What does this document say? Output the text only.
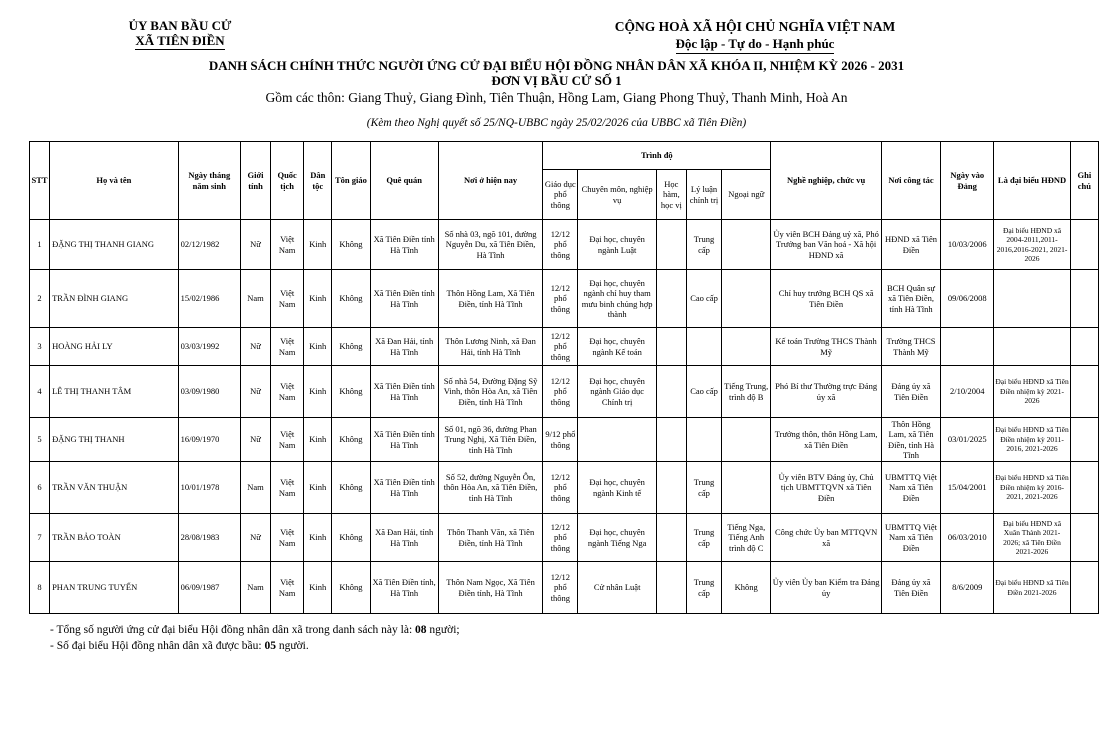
ỦY BAN BẦU CỬ
XÃ TIÊN ĐIỀN
CỘNG HOÀ XÃ HỘI CHỦ NGHĨA VIỆT NAM
Độc lập - Tự do - Hạnh phúc
DANH SÁCH CHÍNH THỨC NGƯỜI ỨNG CỬ ĐẠI BIỂU HỘI ĐỒNG NHÂN DÂN XÃ KHÓA II, NHIỆM KỲ 2026 - 2031
ĐƠN VỊ BẦU CỬ SỐ 1
Gồm các thôn: Giang Thuỷ, Giang Đình, Tiên Thuận, Hồng Lam, Giang Phong Thuỷ, Thanh Minh, Hoà An
(Kèm theo Nghị quyết số 25/NQ-UBBC ngày 25/02/2026 của UBBC xã Tiên Điền)
STT	Họ và tên	Ngày tháng năm sinh	Giới tính	Quốc tịch	Dân tộc	Tôn giáo	Quê quán	Nơi ở hiện nay	Trình độ					Nghề nghiệp, chức vụ	Nơi công tác	Ngày vào Đảng	Là đại biểu HĐND	Ghi chú
									Giáo dục phổ thông	Chuyên môn, nghiệp vụ	Học hàm, học vị	Lý luận chính trị	Ngoại ngữ					
1	ĐẶNG THỊ THANH GIANG	02/12/1982	Nữ	Việt Nam	Kinh	Không	Xã Tiên Điền tỉnh Hà Tĩnh	Số nhà 03, ngõ 101, đường Nguyễn Du, xã Tiên Điền, Hà Tĩnh	12/12 phổ thông	Đại học, chuyên ngành Luật		Trung cấp		Ủy viên BCH Đảng uỷ xã, Phó Trưởng ban Văn hoá - Xã hội HĐND xã	HĐND xã Tiên Điền	10/03/2006	Đại biểu HĐND xã 2004-2011,2011-2016,2016-2021, 2021-2026	
2	TRẦN ĐÌNH GIANG	15/02/1986	Nam	Việt Nam	Kinh	Không	Xã Tiên Điền tỉnh Hà Tĩnh	Thôn Hồng Lam, Xã Tiên Điền, tỉnh Hà Tĩnh	12/12 phổ thông	Đại học, chuyên ngành chỉ huy tham mưu binh chủng hợp thành		Cao cấp		Chỉ huy trưởng BCH QS xã Tiên Điền	BCH Quân sự xã Tiên Điền, tỉnh Hà Tĩnh	09/06/2008		
3	HOÀNG HẢI LY	03/03/1992	Nữ	Việt Nam	Kinh	Không	Xã Đan Hải, tỉnh Hà Tĩnh	Thôn Lương Ninh, xã Đan Hải, tỉnh Hà Tĩnh	12/12 phổ thông	Đại học, chuyên ngành Kế toán				Kế toán Trường THCS Thành Mỹ	Trường THCS Thành Mỹ			
4	LÊ THỊ THANH TÂM	03/09/1980	Nữ	Việt Nam	Kinh	Không	Xã Tiên Điền tỉnh Hà Tĩnh	Số nhà 54, Đường Đặng Sỹ Vinh, thôn Hòa An, xã Tiên Điền, tỉnh Hà Tĩnh	12/12 phổ thông	Đại học, chuyên ngành Giáo dục Chính trị		Cao cấp	Tiếng Trung, trình độ B	Phó Bí thư Thường trực Đảng ủy xã	Đảng ủy xã Tiên Điền	2/10/2004	Đại biểu HĐND xã Tiên Điền nhiệm kỳ 2021-2026	
5	ĐẶNG THỊ THANH	16/09/1970	Nữ	Việt Nam	Kinh	Không	Xã Tiên Điền tỉnh Hà Tĩnh	Số 01, ngõ 36, đường Phan Trung Nghị, Xã Tiên Điền, tỉnh Hà Tĩnh	9/12 phổ thông					Trưởng thôn, thôn Hồng Lam, xã Tiên Điền	Thôn Hồng Lam, xã Tiên Điền, tỉnh Hà Tĩnh	03/01/2025	Đại biểu HĐND xã Tiên Điền nhiệm kỳ 2011-2016, 2021-2026	
6	TRẦN VĂN THUẬN	10/01/1978	Nam	Việt Nam	Kinh	Không	Xã Tiên Điền tỉnh Hà Tĩnh	Số 52, đường Nguyễn Ôn, thôn Hòa An, xã Tiên Điền, tỉnh Hà Tĩnh	12/12 phổ thông	Đại học, chuyên ngành Kinh tế		Trung cấp		Ủy viên BTV Đảng ủy, Chủ tịch UBMTTQVN xã Tiên Điền	UBMTTQ Việt Nam xã Tiên Điền	15/04/2001	Đại biểu HĐND xã Tiên Điền nhiệm kỳ 2016-2021, 2021-2026	
7	TRẦN BẢO TOÀN	28/08/1983	Nữ	Việt Nam	Kinh	Không	Xã Đan Hải, tỉnh Hà Tĩnh	Thôn Thanh Văn, xã Tiên Điền, tỉnh Hà Tĩnh	12/12 phổ thông	Đại học, chuyên ngành Tiếng Nga		Trung cấp	Tiếng Nga, Tiếng Anh trình độ C	Công chức Ủy ban MTTQVN xã	UBMTTQ Việt Nam xã Tiên Điền	06/03/2010	Đại biểu HĐND xã Xuân Thành 2021-2026; xã Tiên Điền 2021-2026	
8	PHAN TRUNG TUYẾN	06/09/1987	Nam	Việt Nam	Kinh	Không	Xã Tiên Điền tỉnh, Hà Tĩnh	Thôn Nam Ngọc, Xã Tiên Điền tỉnh, Hà Tĩnh	12/12 phổ thông	Cử nhân Luật		Trung cấp	Không	Ủy viên Ủy ban Kiểm tra Đảng ủy	Đảng ủy xã Tiên Điền	8/6/2009	Đại biểu HĐND xã Tiên Điền 2021-2026	
- Tổng số người ứng cử đại biểu Hội đồng nhân dân xã trong danh sách này là: 08 người;
- Số đại biểu Hội đồng nhân dân xã được bầu: 05 người.
